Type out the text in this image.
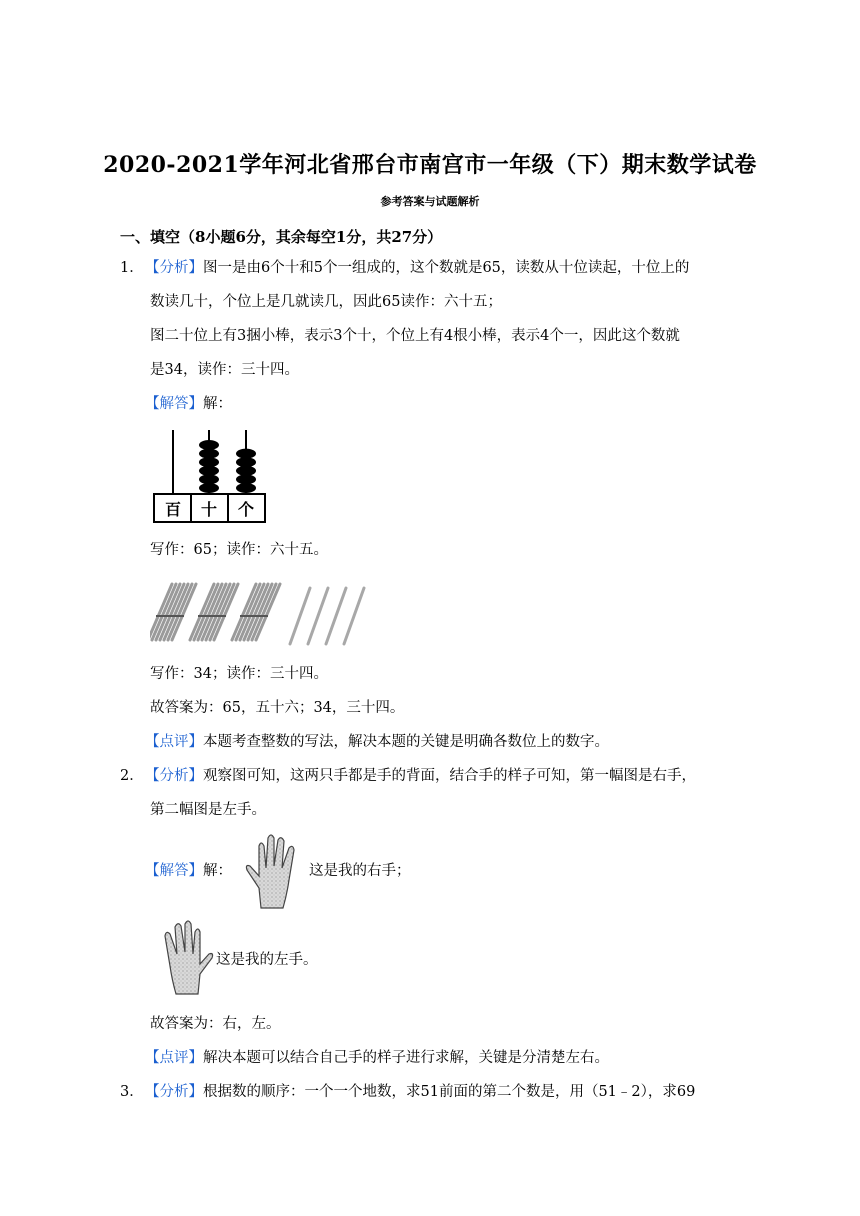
2020-2021学年河北省邢台市南宫市一年级（下）期末数学试卷
参考答案与试题解析
一、填空（8小题6分，其余每空1分，共27分）
1． 【分析】图一是由6个十和5个一组成的，这个数就是65，读数从十位读起，十位上的
数读几十，个位上是几就读几，因此65读作：六十五；
图二十位上有3捆小棒，表示3个十，个位上有4根小棒，表示4个一，因此这个数就
是34，读作：三十四。
【解答】解：
百 十 个
写作：65；读作：六十五。
写作：34；读作：三十四。
故答案为：65，五十六；34，三十四。
【点评】本题考查整数的写法，解决本题的关键是明确各数位上的数字。
2． 【分析】观察图可知，这两只手都是手的背面，结合手的样子可知，第一幅图是右手，
第二幅图是左手。
【解答】解：	这是我的右手；
这是我的左手。
故答案为：右，左。
【点评】解决本题可以结合自己手的样子进行求解，关键是分清楚左右。
3． 【分析】根据数的顺序：一个一个地数，求51前面的第二个数是，用（51﹣2），求69
